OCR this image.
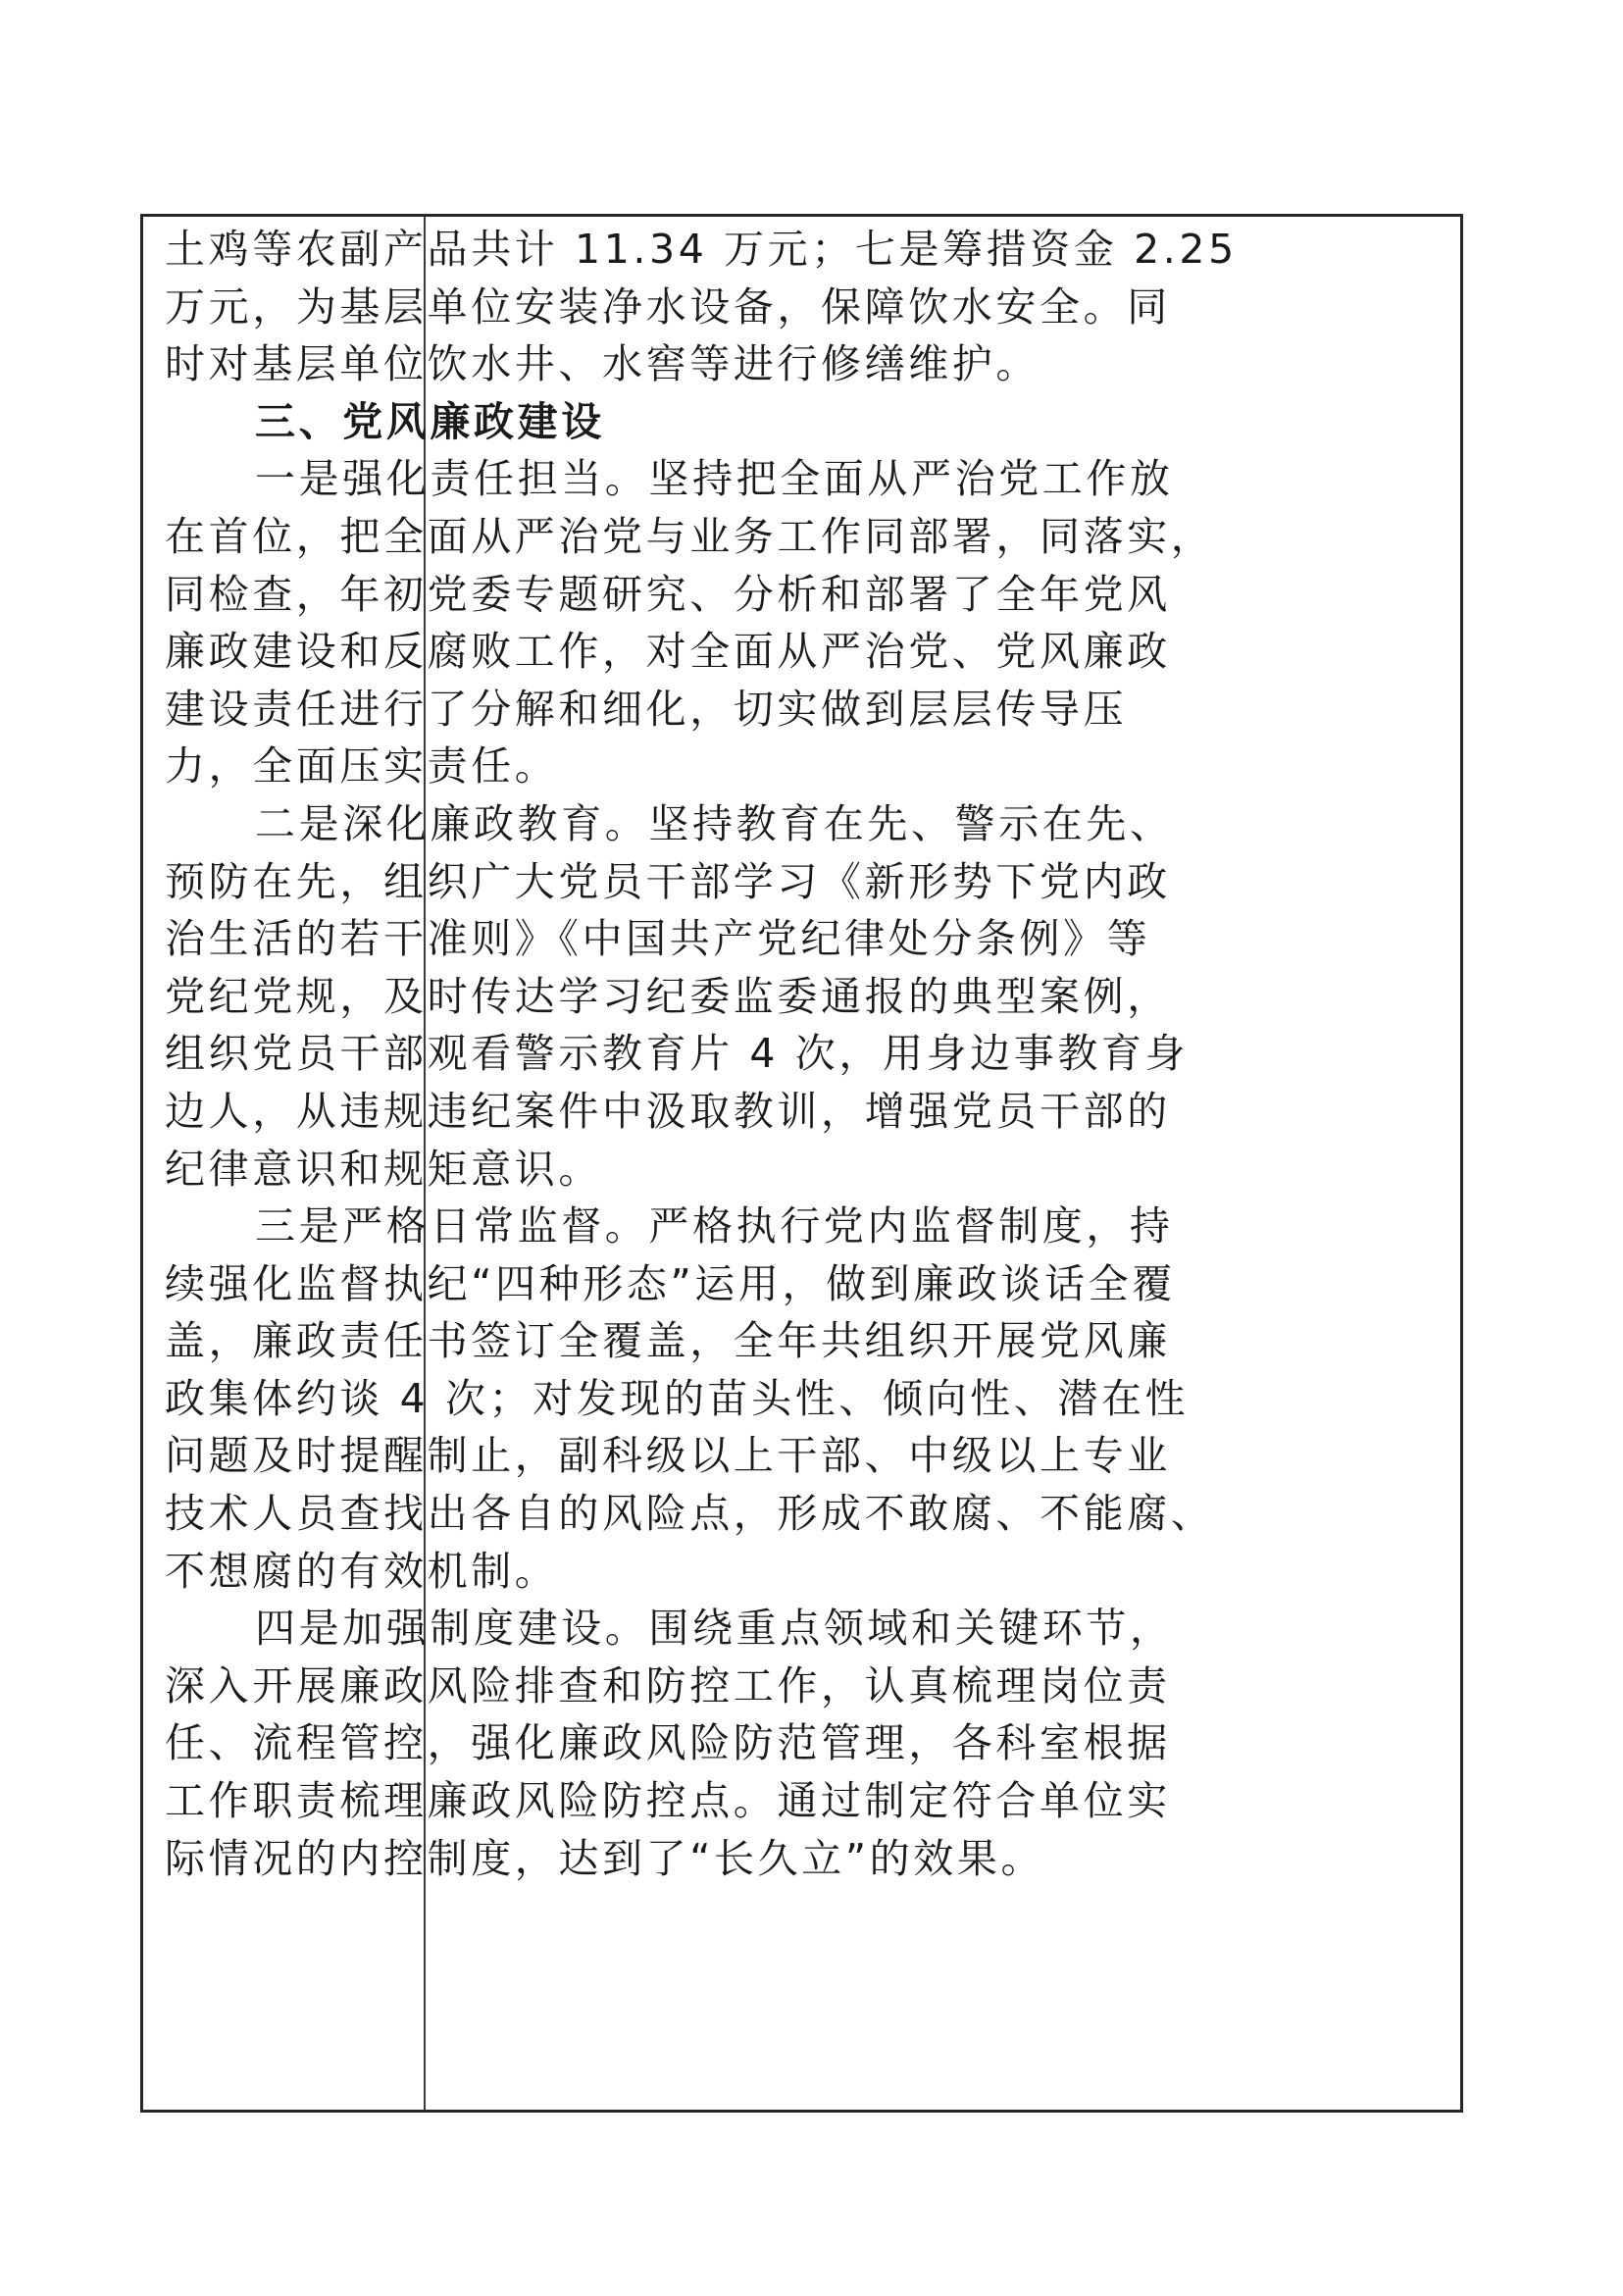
土鸡等农副产品共计 11.34 万元；七是筹措资金 2.25

万元，为基层单位安装净水设备，保障饮水安全。同

时对基层单位饮水井、水窖等进行修缮维护。

三、党风廉政建设

一是强化责任担当。坚持把全面从严治党工作放

在首位，把全面从严治党与业务工作同部署，同落实，

同检查，年初党委专题研究、分析和部署了全年党风

廉政建设和反腐败工作，对全面从严治党、党风廉政

建设责任进行了分解和细化，切实做到层层传导压

力，全面压实责任。

二是深化廉政教育。坚持教育在先、警示在先、

预防在先，组织广大党员干部学习《新形势下党内政

治生活的若干准则》《中国共产党纪律处分条例》等

党纪党规，及时传达学习纪委监委通报的典型案例，

组织党员干部观看警示教育片 4 次，用身边事教育身

边人，从违规违纪案件中汲取教训，增强党员干部的

纪律意识和规矩意识。

三是严格日常监督。严格执行党内监督制度，持

续强化监督执纪“四种形态”运用，做到廉政谈话全覆

盖，廉政责任书签订全覆盖，全年共组织开展党风廉

政集体约谈 4 次；对发现的苗头性、倾向性、潜在性

问题及时提醒制止，副科级以上干部、中级以上专业

技术人员查找出各自的风险点，形成不敢腐、不能腐、

不想腐的有效机制。

四是加强制度建设。围绕重点领域和关键环节，

深入开展廉政风险排查和防控工作，认真梳理岗位责

任、流程管控，强化廉政风险防范管理，各科室根据

工作职责梳理廉政风险防控点。通过制定符合单位实

际情况的内控制度，达到了“长久立”的效果。
